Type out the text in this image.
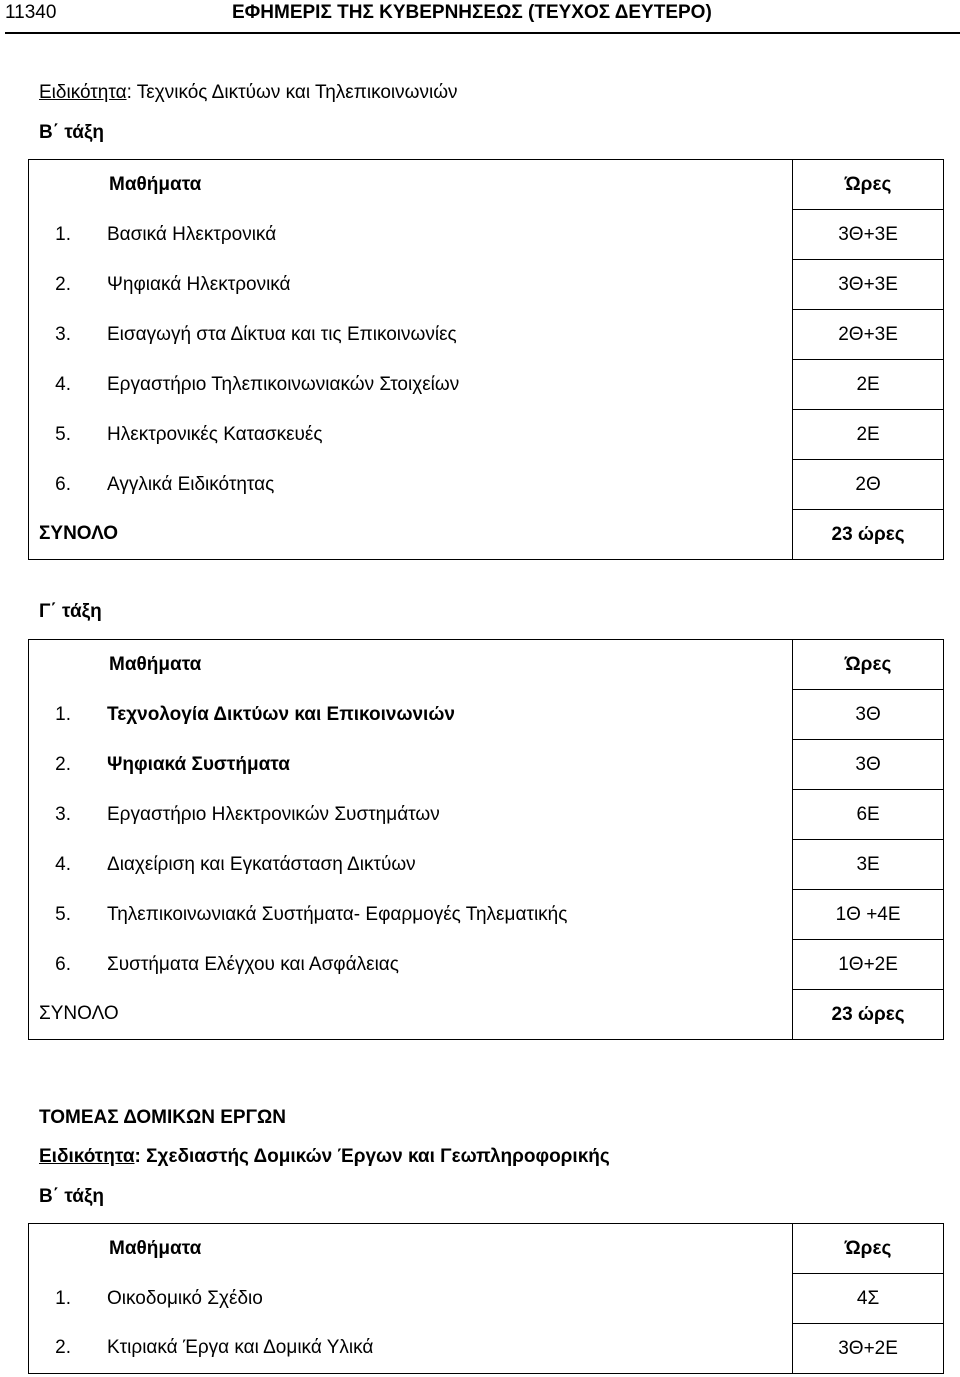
11340	ΕΦΗΜΕΡΙΣ ΤΗΣ ΚΥΒΕΡΝΗΣΕΩΣ (ΤΕΥΧΟΣ ΔΕΥΤΕΡΟ)
Ειδικότητα: Τεχνικός Δικτύων και Τηλεπικοινωνιών
Β΄ τάξη
Μαθήματα	Ώρες
1. Βασικά Ηλεκτρονικά	3Θ+3Ε
2. Ψηφιακά Ηλεκτρονικά	3Θ+3Ε
3. Εισαγωγή στα Δίκτυα και τις Επικοινωνίες	2Θ+3Ε
4. Εργαστήριο Τηλεπικοινωνιακών Στοιχείων	2Ε
5. Ηλεκτρονικές Κατασκευές	2Ε
6. Αγγλικά Ειδικότητας	2Θ
ΣΥΝΟΛΟ	23 ώρες
Γ΄ τάξη
Μαθήματα	Ώρες
1. Τεχνολογία Δικτύων και Επικοινωνιών	3Θ
2. Ψηφιακά Συστήματα	3Θ
3. Εργαστήριο Ηλεκτρονικών Συστημάτων	6Ε
4. Διαχείριση και Εγκατάσταση Δικτύων	3Ε
5. Τηλεπικοινωνιακά Συστήματα- Εφαρμογές Τηλεματικής	1Θ +4Ε
6. Συστήματα Ελέγχου και Ασφάλειας	1Θ+2Ε
ΣΥΝΟΛΟ	23 ώρες
ΤΟΜΕΑΣ ΔΟΜΙΚΩΝ ΕΡΓΩΝ
Ειδικότητα: Σχεδιαστής Δομικών Έργων και Γεωπληροφορικής
Β΄ τάξη
Μαθήματα	Ώρες
1. Οικοδομικό Σχέδιο	4Σ
2. Κτιριακά Έργα και Δομικά Υλικά	3Θ+2Ε
